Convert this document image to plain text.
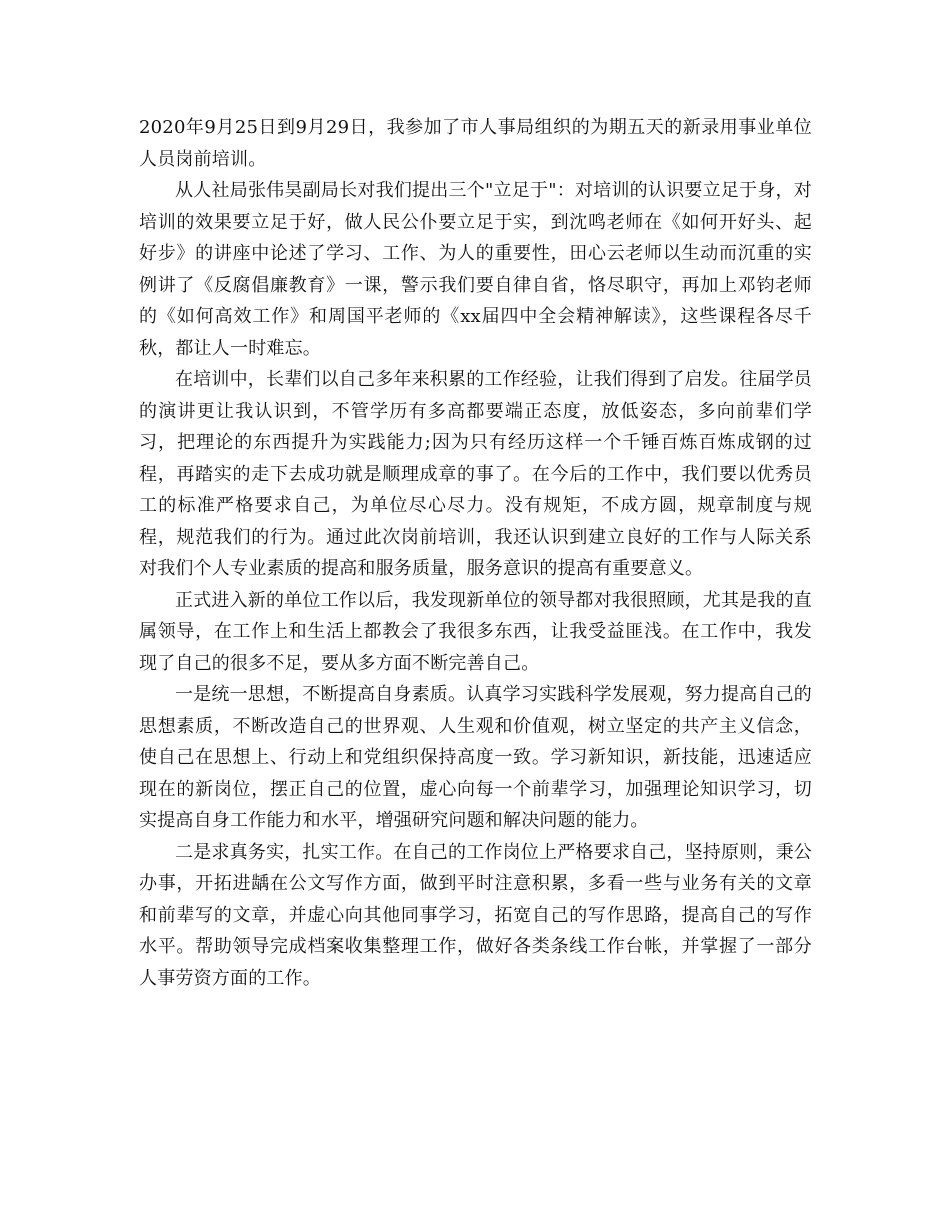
2020年9月25日到9月29日，我参加了市人事局组织的为期五天的新录用事业单位人员岗前培训。

从人社局张伟昊副局长对我们提出三个"立足于"：对培训的认识要立足于身，对培训的效果要立足于好，做人民公仆要立足于实，到沈鸣老师在《如何开好头、起好步》的讲座中论述了学习、工作、为人的重要性，田心云老师以生动而沉重的实例讲了《反腐倡廉教育》一课，警示我们要自律自省，恪尽职守，再加上邓钧老师的《如何高效工作》和周国平老师的《xx届四中全会精神解读》，这些课程各尽千秋，都让人一时难忘。

在培训中，长辈们以自己多年来积累的工作经验，让我们得到了启发。往届学员的演讲更让我认识到，不管学历有多高都要端正态度，放低姿态，多向前辈们学习，把理论的东西提升为实践能力;因为只有经历这样一个千锤百炼百炼成钢的过程，再踏实的走下去成功就是顺理成章的事了。在今后的工作中，我们要以优秀员工的标准严格要求自己，为单位尽心尽力。没有规矩，不成方圆，规章制度与规程，规范我们的行为。通过此次岗前培训，我还认识到建立良好的工作与人际关系对我们个人专业素质的提高和服务质量，服务意识的提高有重要意义。

正式进入新的单位工作以后，我发现新单位的领导都对我很照顾，尤其是我的直属领导，在工作上和生活上都教会了我很多东西，让我受益匪浅。在工作中，我发现了自己的很多不足，要从多方面不断完善自己。

一是统一思想，不断提高自身素质。认真学习实践科学发展观，努力提高自己的思想素质，不断改造自己的世界观、人生观和价值观，树立坚定的共产主义信念，使自己在思想上、行动上和党组织保持高度一致。学习新知识，新技能，迅速适应现在的新岗位，摆正自己的位置，虚心向每一个前辈学习，加强理论知识学习，切实提高自身工作能力和水平，增强研究问题和解决问题的能力。

二是求真务实，扎实工作。在自己的工作岗位上严格要求自己，坚持原则，秉公办事，开拓进龋在公文写作方面，做到平时注意积累，多看一些与业务有关的文章和前辈写的文章，并虚心向其他同事学习，拓宽自己的写作思路，提高自己的写作水平。帮助领导完成档案收集整理工作，做好各类条线工作台帐，并掌握了一部分人事劳资方面的工作。
